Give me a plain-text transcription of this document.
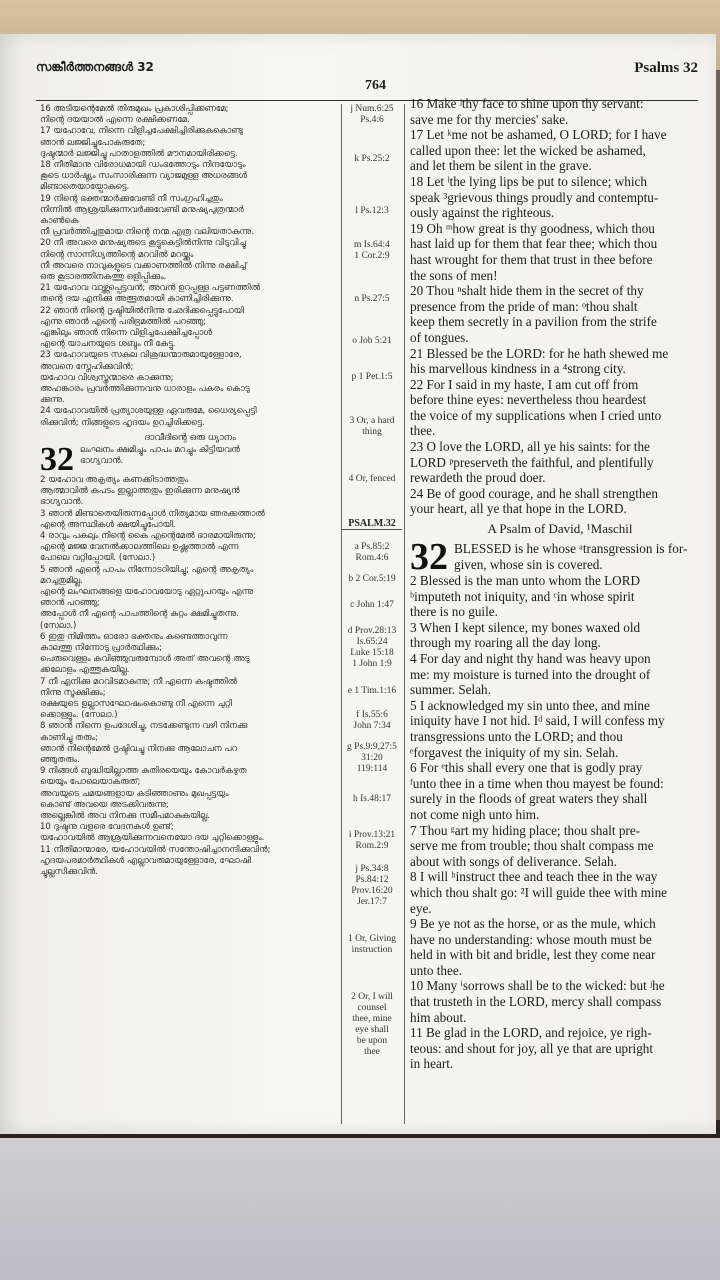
സങ്കീർത്തനങ്ങൾ 32
764
Psalms 32
16 അടിയന്റെമേൽ തിരുമുഖം പ്രകാശിപ്പിക്കണമേ;
നിന്റെ ദയയാൽ എന്നെ രക്ഷിക്കണമേ.
17 യഹോവേ, നിന്നെ വിളിച്ചപേക്ഷിച്ചിരിക്കുകകൊണ്ടു
ഞാൻ ലജ്ജിച്ചുപോകരുതേ;
ദുഷ്ടന്മാർ ലജ്ജിച്ചു പാതാളത്തിൽ മൗനമായിരിക്കട്ടെ.
18 നീതിമാനു വിരോധമായി ഡംഭത്തോടും നിന്ദയോടും
കൂടെ ധാർഷ്ട്യം സംസാരിക്കുന്ന വ്യാജമുള്ള അധരങ്ങൾ
മിണ്ടാതെയായ്പോകട്ടെ.
19 നിന്റെ ഭക്തന്മാർക്കുവേണ്ടി നീ സംഗ്രഹിച്ചതും
നിന്നിൽ ആശ്രയിക്കുന്നവർക്കുവേണ്ടി മനുഷ്യപുത്രന്മാർ
കാൺകെ
നീ പ്രവർത്തിച്ചതുമായ നിന്റെ നന്മ എത്ര വലിയതാകുന്നു.
20 നീ അവരെ മനുഷ്യരുടെ കൂട്ടുകെട്ടിൽനിന്നു വിടുവിച്ചു
നിന്റെ സാന്നിധ്യത്തിന്റെ മറവിൽ മറയ്ക്കും
നീ അവരെ നാവുകളുടെ വക്കാണത്തിൽ നിന്നു രക്ഷിച്ച്
ഒരു കൂടാരത്തിനകത്തു ഒളിപ്പിക്കും.
21 യഹോവ വാഴ്ത്തപ്പെട്ടവൻ; അവൻ ഉറപ്പുള്ള പട്ടണത്തിൽ
തന്റെ ദയ എനിക്കു അത്ഭുതമായി കാണിച്ചിരിക്കുന്നു.
22 ഞാൻ നിന്റെ ദൃഷ്ടിയിൽനിന്നു ഛേദിക്കപ്പെട്ടുപോയി
എന്നു ഞാൻ എന്റെ പരിഭ്രമത്തിൽ പറഞ്ഞു;
എങ്കിലും ഞാൻ നിന്നെ വിളിച്ചപേക്ഷിച്ചപ്പോൾ
എന്റെ യാചനയുടെ ശബ്ദം നീ കേട്ടു.
23 യഹോവയുടെ സകല വിശുദ്ധന്മാരുമായുള്ളോരേ,
അവനെ സ്നേഹിക്കുവിൻ;
യഹോവ വിശ്വസ്തന്മാരെ കാക്കുന്നു;
അഹങ്കാരം പ്രവർത്തിക്കുന്നവനു ധാരാളം പകരം കൊടു
ക്കുന്നു.
24 യഹോവയിൽ പ്രത്യാശയുള്ള ഏവരുമേ, ധൈര്യപ്പെട്ടി
രിക്കുവിൻ; നിങ്ങളുടെ ഹൃദയം ഉറച്ചിരിക്കട്ടെ.
ദാവീദിന്റെ ഒരു ധ്യാനം
32 ലംഘനം ക്ഷമിച്ചും പാപം മറച്ചും കിട്ടിയവൻ
ഭാഗ്യവാൻ.
2 യഹോവ അകൃത്യം കണക്കിടാത്തതും
ആത്മാവിൽ കപടം ഇല്ലാത്തതും ഇരിക്കുന്ന മനുഷ്യൻ
ഭാഗ്യവാൻ.
3 ഞാൻ മിണ്ടാതെയിരുന്നപ്പോൾ നിത്യമായ ഞരക്കത്താൽ
എന്റെ അസ്ഥികൾ ക്ഷയിച്ചുപോയി.
4 രാവും പകലും നിന്റെ കൈ എന്റെമേൽ ഭാരമായിരുന്നു;
എന്റെ മജ്ജ വേനൽക്കാലത്തിലെ ഉഷ്ണത്താൽ എന്ന
പോലെ വറ്റിപ്പോയി. (സേലാ.)
5 ഞാൻ എന്റെ പാപം നിന്നോടറിയിച്ചു; എന്റെ അകൃത്യം
മറച്ചതുമില്ല.
എന്റെ ലംഘനങ്ങളെ യഹോവയോടു ഏറ്റുപറയും എന്നു
ഞാൻ പറഞ്ഞു;
അപ്പോൾ നീ എന്റെ പാപത്തിന്റെ കുറ്റം ക്ഷമിച്ചുതന്നു.
(സേലാ.)
6 ഇതു നിമിത്തം ഓരോ ഭക്തനും കണ്ടെത്താവുന്ന
കാലത്തു നിന്നോടു പ്രാർത്ഥിക്കും;
പെരുവെള്ളം കവിഞ്ഞുവരുമ്പോൾ അത് അവന്റെ അടു
ക്കലോളം എത്തുകയില്ല.
7 നീ എനിക്കു മറവിടമാകുന്നു; നീ എന്നെ കഷ്ടത്തിൽ
നിന്നു സൂക്ഷിക്കും;
രക്ഷയുടെ ഉല്ലാസഘോഷംകൊണ്ടു നീ എന്നെ ചുറ്റി
ക്കൊള്ളും. (സേലാ.)
8 ഞാൻ നിന്നെ ഉപദേശിച്ചു, നടക്കേണ്ടുന്ന വഴി നിനക്കു
കാണിച്ചു തരും;
ഞാൻ നിന്റെമേൽ ദൃഷ്ടിവച്ചു നിനക്കു ആലോചന പറ
ഞ്ഞുതരും.
9 നിങ്ങൾ ബുദ്ധിയില്ലാത്ത കുതിരയെയും കോവർകഴുത
യെയും പോലെയാകരുത്;
അവയുടെ ചമയങ്ങളായ കടിഞ്ഞാണും മുഖപ്പട്ടയും
കൊണ്ട് അവയെ അടക്കിവരുന്നു;
അല്ലെങ്കിൽ അവ നിനക്കു സമീപമാകുകയില്ല.
10 ദുഷ്ടനു വളരെ വേദനകൾ ഉണ്ട്;
യഹോവയിൽ ആശ്രയിക്കുന്നവനെയോ ദയ ചുറ്റിക്കൊള്ളും.
11 നീതിമാന്മാരേ, യഹോവയിൽ സന്തോഷിച്ചാനന്ദിക്കുവിൻ;
ഹൃദയപരമാർത്ഥികൾ എല്ലാവരുമായുള്ളോരേ, ഘോഷി
ച്ചുല്ലസിക്കുവിൻ.
j Num.6:25
Ps.4:6
k Ps.25:2
l Ps.12:3
m Is.64:4
1 Cor.2:9
n Ps.27:5
o Job 5:21
p 1 Pet.1:5
3 Or, a hard
thing
4 Or, fenced
PSALM.32
a Ps.85:2
Rom.4:6
b 2 Cor.5:19
c John 1:47
d Prov.28:13
Is.65:24
Luke 15:18
1 John 1:9
e 1 Tim.1:16
f Is.55:6
John 7:34
g Ps.9:9,27:5
31:20
119:114
h Is.48:17
i Prov.13:21
Rom.2:9
j Ps.34:8
Ps.84:12
Prov.16:20
Jer.17:7
1 Or, Giving
instruction
2 Or, I will
counsel
thee, mine
eye shall
be upon
thee
16 Make ʲthy face to shine upon thy servant:
save me for thy mercies' sake.
17 Let ᵏme not be ashamed, O LORD; for I have
called upon thee: let the wicked be ashamed,
and let them be silent in the grave.
18 Let ˡthe lying lips be put to silence; which
speak ³grievous things proudly and contemptu-
ously against the righteous.
19 Oh ᵐhow great is thy goodness, which thou
hast laid up for them that fear thee; which thou
hast wrought for them that trust in thee before
the sons of men!
20 Thou ⁿshalt hide them in the secret of thy
presence from the pride of man: ᵒthou shalt
keep them secretly in a pavilion from the strife
of tongues.
21 Blessed be the LORD: for he hath shewed me
his marvellous kindness in a ⁴strong city.
22 For I said in my haste, I am cut off from
before thine eyes: nevertheless thou heardest
the voice of my supplications when I cried unto
thee.
23 O love the LORD, all ye his saints: for the
LORD ᵖpreserveth the faithful, and plentifully
rewardeth the proud doer.
24 Be of good courage, and he shall strengthen
your heart, all ye that hope in the LORD.
A Psalm of David, ¹Maschil
32 BLESSED is he whose ᵃtransgression is for-
given, whose sin is covered.
2 Blessed is the man unto whom the LORD
ᵇimputeth not iniquity, and ᶜin whose spirit
there is no guile.
3 When I kept silence, my bones waxed old
through my roaring all the day long.
4 For day and night thy hand was heavy upon
me: my moisture is turned into the drought of
summer. Selah.
5 I acknowledged my sin unto thee, and mine
iniquity have I not hid. Iᵈ said, I will confess my
transgressions unto the LORD; and thou
ᵉforgavest the iniquity of my sin. Selah.
6 For ᵉthis shall every one that is godly pray
ᶠunto thee in a time when thou mayest be found:
surely in the floods of great waters they shall
not come nigh unto him.
7 Thou ᵍart my hiding place; thou shalt pre-
serve me from trouble; thou shalt compass me
about with songs of deliverance. Selah.
8 I will ʰinstruct thee and teach thee in the way
which thou shalt go: ²I will guide thee with mine
eye.
9 Be ye not as the horse, or as the mule, which
have no understanding: whose mouth must be
held in with bit and bridle, lest they come near
unto thee.
10 Many ⁱsorrows shall be to the wicked: but ʲhe
that trusteth in the LORD, mercy shall compass
him about.
11 Be glad in the LORD, and rejoice, ye righ-
teous: and shout for joy, all ye that are upright
in heart.
